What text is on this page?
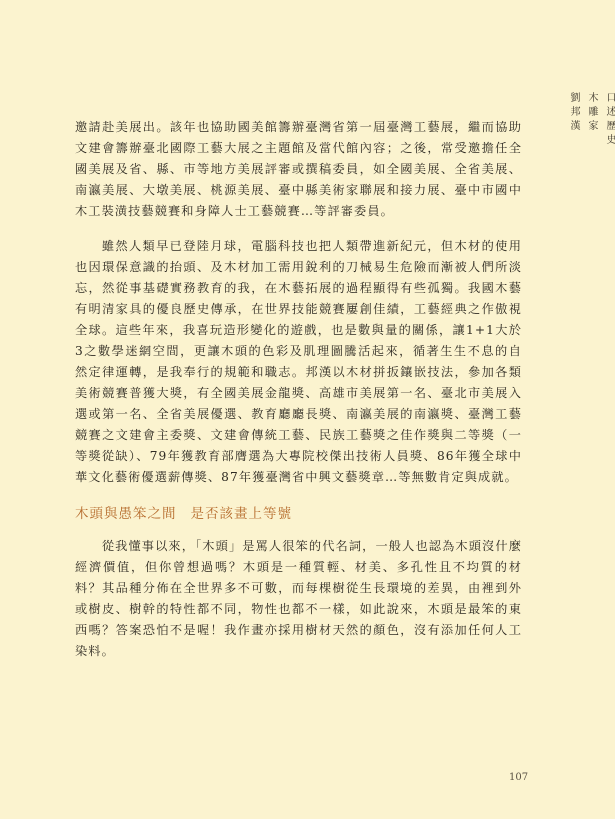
口述歷史
木雕家
劉邦漢

邀請赴美展出。該年也協助國美館籌辦臺灣省第一屆臺灣工藝展，繼而協助文建會籌辦臺北國際工藝大展之主題館及當代館內容；之後，常受邀擔任全國美展及省、縣、市等地方美展評審或撰稿委員，如全國美展、全省美展、南瀛美展、大墩美展、桃源美展、臺中縣美術家聯展和接力展、臺中市國中木工裝潢技藝競賽和身障人士工藝競賽…等評審委員。

雖然人類早已登陸月球，電腦科技也把人類帶進新紀元，但木材的使用也因環保意識的抬頭、及木材加工需用銳利的刀械易生危險而漸被人們所淡忘，然從事基礎實務教育的我，在木藝拓展的過程顯得有些孤獨。我國木藝有明清家具的優良歷史傳承，在世界技能競賽屢創佳績，工藝經典之作傲視全球。這些年來，我喜玩造形變化的遊戲，也是數與量的關係，讓1+1大於3之數學迷網空間，更讓木頭的色彩及肌理圖騰活起來，循著生生不息的自然定律運轉，是我奉行的規範和職志。邦漢以木材拼扳鑲嵌技法，參加各類美術競賽普獲大獎，有全國美展金龍獎、高雄市美展第一名、臺北市美展入選或第一名、全省美展優選、教育廳廳長獎、南瀛美展的南瀛獎、臺灣工藝競賽之文建會主委獎、文建會傳統工藝、民族工藝獎之佳作獎與二等獎（一等獎從缺）、79年獲教育部膺選為大專院校傑出技術人員獎、86年獲全球中華文化藝術優選薪傳獎、87年獲臺灣省中興文藝獎章…等無數肯定與成就。

木頭與愚笨之間 是否該畫上等號

從我懂事以來，「木頭」是罵人很笨的代名詞，一般人也認為木頭沒什麼經濟價值，但你曾想過嗎？木頭是一種質輕、材美、多孔性且不均質的材料？其品種分佈在全世界多不可數，而每棵樹從生長環境的差異，由裡到外或樹皮、樹幹的特性都不同，物性也都不一樣，如此說來，木頭是最笨的東西嗎？答案恐怕不是喔！我作畫亦採用樹材天然的顏色，沒有添加任何人工染料。

107
